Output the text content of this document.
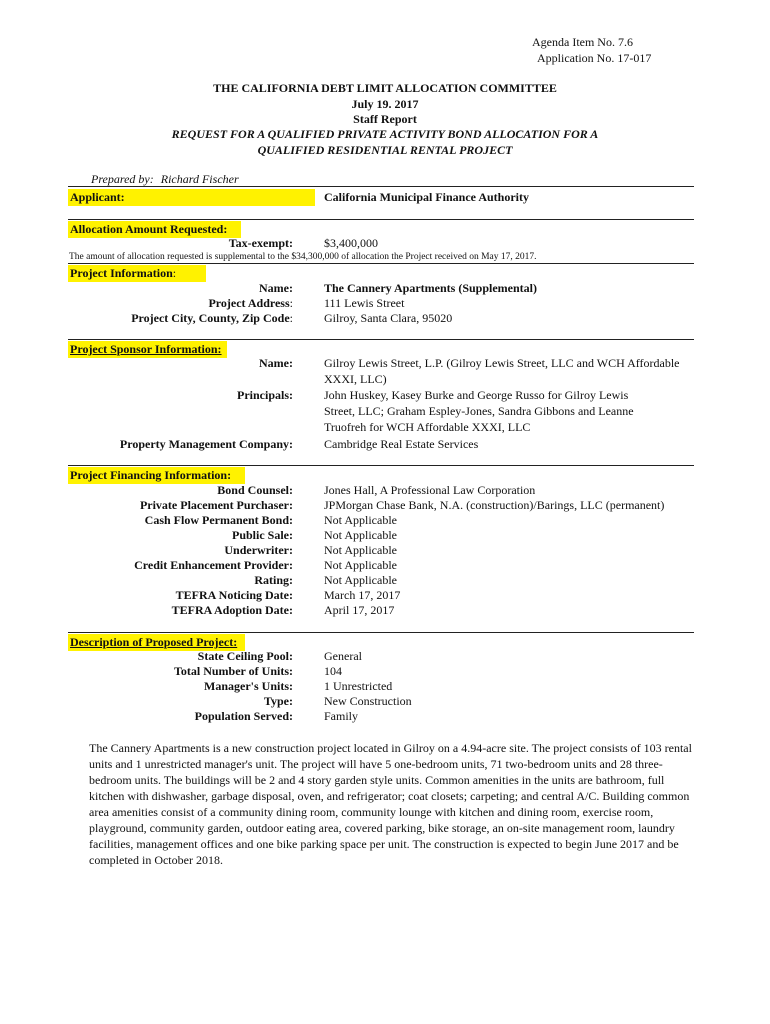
Agenda Item No. 7.6
Application No. 17-017
THE CALIFORNIA DEBT LIMIT ALLOCATION COMMITTEE
July 19. 2017
Staff Report
REQUEST FOR A QUALIFIED PRIVATE ACTIVITY BOND ALLOCATION FOR A
QUALIFIED RESIDENTIAL RENTAL PROJECT
Prepared by: Richard Fischer
Applicant:	California Municipal Finance Authority
Allocation Amount Requested:
Tax-exempt:	$3,400,000
The amount of allocation requested is supplemental to the $34,300,000 of allocation the Project received on May 17, 2017.
Project Information:
Name:	The Cannery Apartments (Supplemental)
Project Address:	111 Lewis Street
Project City, County, Zip Code:	Gilroy, Santa Clara, 95020
Project Sponsor Information:
Name:	Gilroy Lewis Street, L.P. (Gilroy Lewis Street, LLC and WCH Affordable XXXI, LLC)
Principals:	John Huskey, Kasey Burke and George Russo for Gilroy Lewis Street, LLC; Graham Espley-Jones, Sandra Gibbons and Leanne Truofreh for WCH Affordable XXXI, LLC
Property Management Company:	Cambridge Real Estate Services
Project Financing Information:
Bond Counsel:	Jones Hall, A Professional Law Corporation
Private Placement Purchaser:	JPMorgan Chase Bank, N.A. (construction)/Barings, LLC (permanent)
Cash Flow Permanent Bond:	Not Applicable
Public Sale:	Not Applicable
Underwriter:	Not Applicable
Credit Enhancement Provider:	Not Applicable
Rating:	Not Applicable
TEFRA Noticing Date:	March 17, 2017
TEFRA Adoption Date:	April 17, 2017
Description of Proposed Project:
State Ceiling Pool:	General
Total Number of Units:	104
Manager's Units:	1 Unrestricted
Type:	New Construction
Population Served:	Family
The Cannery Apartments is a new construction project located in Gilroy on a 4.94-acre site. The project consists of 103 rental units and 1 unrestricted manager's unit. The project will have 5 one-bedroom units, 71 two-bedroom units and 28 three-bedroom units. The buildings will be 2 and 4 story garden style units. Common amenities in the units are bathroom, full kitchen with dishwasher, garbage disposal, oven, and refrigerator; coat closets; carpeting; and central A/C. Building common area amenities consist of a community dining room, community lounge with kitchen and dining room, exercise room, playground, community garden, outdoor eating area, covered parking, bike storage, an on-site management room, laundry facilities, management offices and one bike parking space per unit. The construction is expected to begin June 2017 and be completed in October 2018.
